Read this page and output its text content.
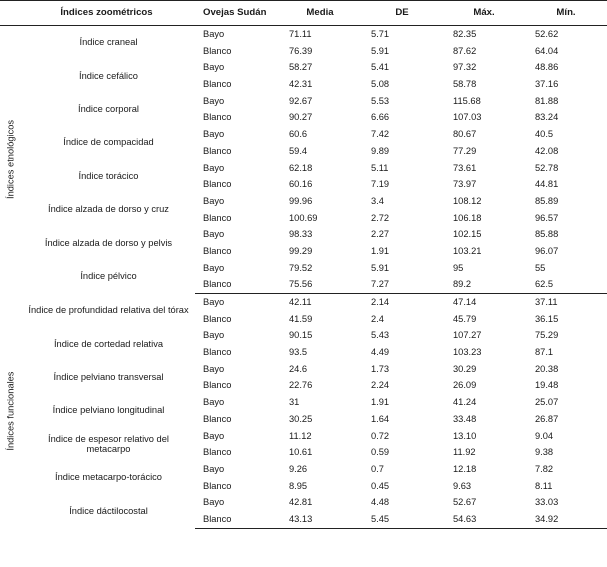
	Índices zoométricos	Ovejas Sudán	Media	DE	Máx.	Mín.
Índices etnológicos	Índice craneal	Bayo	71.11	5.71	82.35	52.62
		Blanco	76.39	5.91	87.62	64.04
	Índice cefálico	Bayo	58.27	5.41	97.32	48.86
		Blanco	42.31	5.08	58.78	37.16
	Índice corporal	Bayo	92.67	5.53	115.68	81.88
		Blanco	90.27	6.66	107.03	83.24
	Índice de compacidad	Bayo	60.6	7.42	80.67	40.5
		Blanco	59.4	9.89	77.29	42.08
	Índice torácico	Bayo	62.18	5.11	73.61	52.78
		Blanco	60.16	7.19	73.97	44.81
	Índice alzada de dorso y cruz	Bayo	99.96	3.4	108.12	85.89
		Blanco	100.69	2.72	106.18	96.57
	Índice alzada de dorso y pelvis	Bayo	98.33	2.27	102.15	85.88
		Blanco	99.29	1.91	103.21	96.07
	Índice pélvico	Bayo	79.52	5.91	95	55
		Blanco	75.56	7.27	89.2	62.5
Índices funcionales	Índice de profundidad relativa del tórax	Bayo	42.11	2.14	47.14	37.11
		Blanco	41.59	2.4	45.79	36.15
	Índice de cortedad relativa	Bayo	90.15	5.43	107.27	75.29
		Blanco	93.5	4.49	103.23	87.1
	Índice pelviano transversal	Bayo	24.6	1.73	30.29	20.38
		Blanco	22.76	2.24	26.09	19.48
	Índice pelviano longitudinal	Bayo	31	1.91	41.24	25.07
		Blanco	30.25	1.64	33.48	26.87
	Índice de espesor relativo del metacarpo	Bayo	11.12	0.72	13.10	9.04
		Blanco	10.61	0.59	11.92	9.38
	Índice metacarpo-torácico	Bayo	9.26	0.7	12.18	7.82
		Blanco	8.95	0.45	9.63	8.11
	Índice dáctilocostal	Bayo	42.81	4.48	52.67	33.03
		Blanco	43.13	5.45	54.63	34.92
